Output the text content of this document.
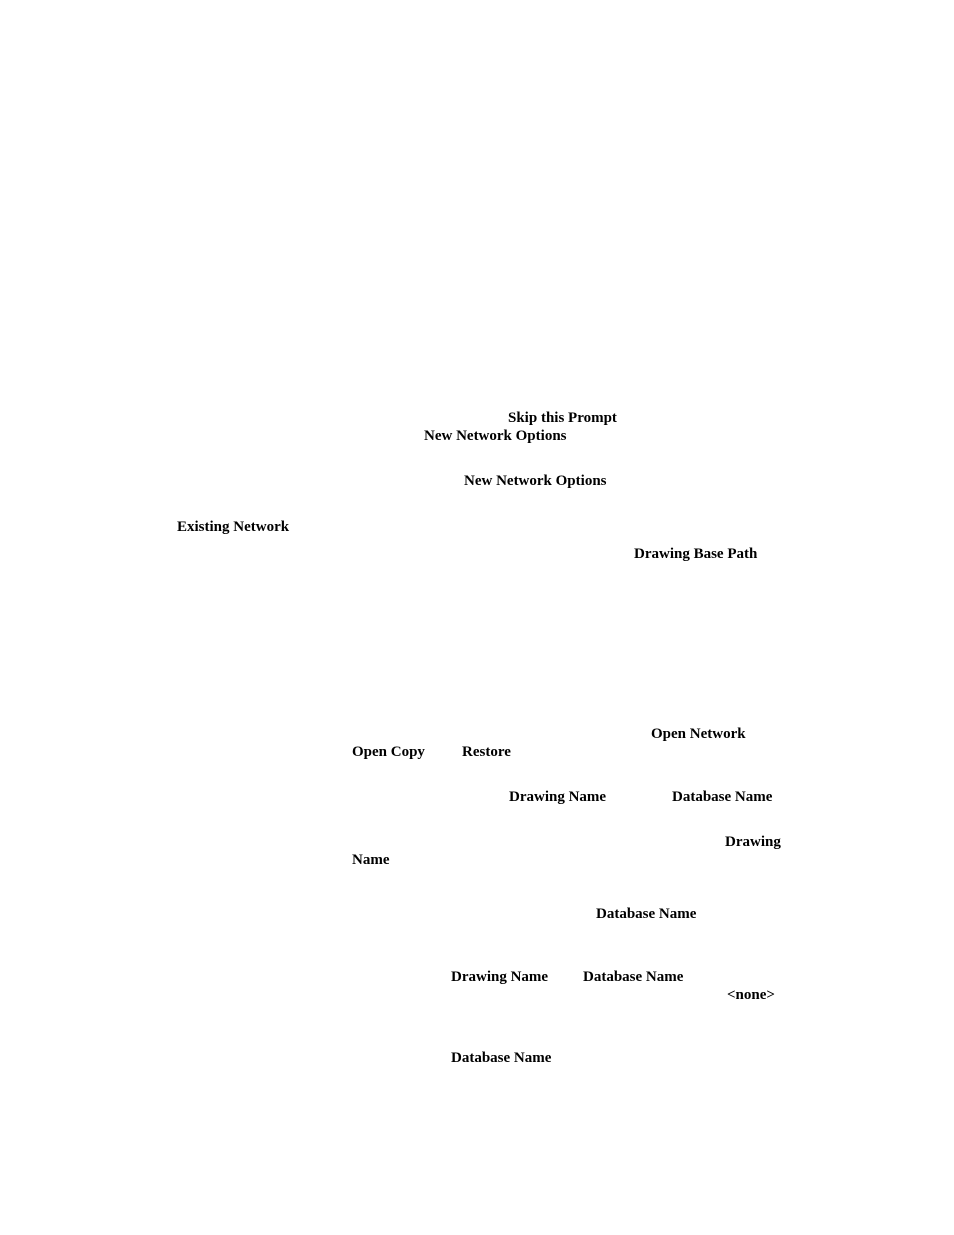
Skip this Prompt
New Network Options
New Network Options
Existing Network
Drawing Base Path
Open Network
Open Copy Restore
Drawing Name	Database Name
Drawing
Name
Database Name
Drawing Name Database Name
<none>
Database Name
